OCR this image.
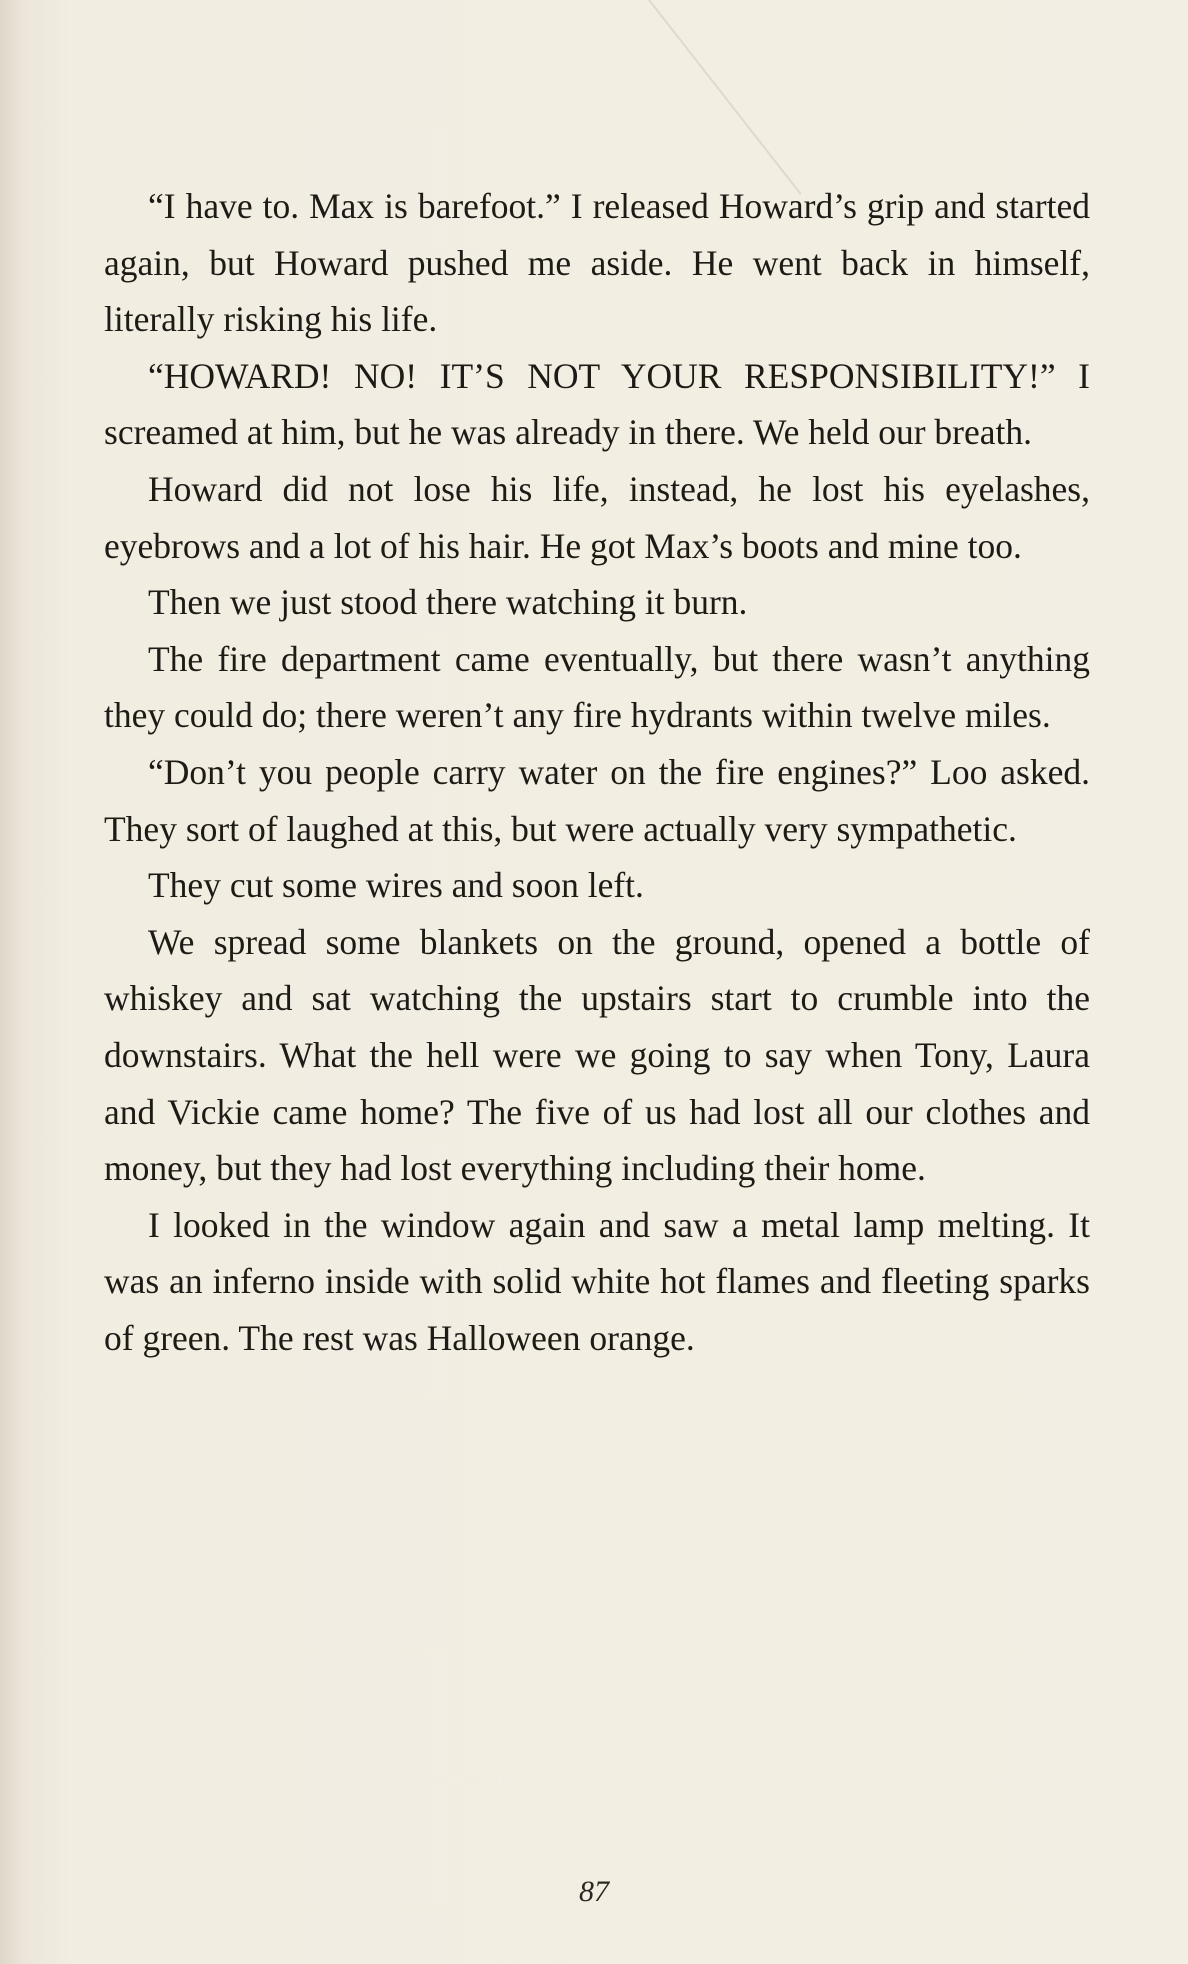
“I have to. Max is barefoot.” I released Howard’s grip and started again, but Howard pushed me aside. He went back in himself, literally risking his life.

“HOWARD! NO! IT’S NOT YOUR RESPONSIBILITY!” I screamed at him, but he was already in there. We held our breath.

Howard did not lose his life, instead, he lost his eyelashes, eyebrows and a lot of his hair. He got Max’s boots and mine too.

Then we just stood there watching it burn.

The fire department came eventually, but there wasn’t anything they could do; there weren’t any fire hydrants within twelve miles.

“Don’t you people carry water on the fire engines?” Loo asked. They sort of laughed at this, but were actually very sympathetic.

They cut some wires and soon left.

We spread some blankets on the ground, opened a bottle of whiskey and sat watching the upstairs start to crumble into the downstairs. What the hell were we going to say when Tony, Laura and Vickie came home? The five of us had lost all our clothes and money, but they had lost everything including their home.

I looked in the window again and saw a metal lamp melting. It was an inferno inside with solid white hot flames and fleeting sparks of green. The rest was Halloween orange.

87
